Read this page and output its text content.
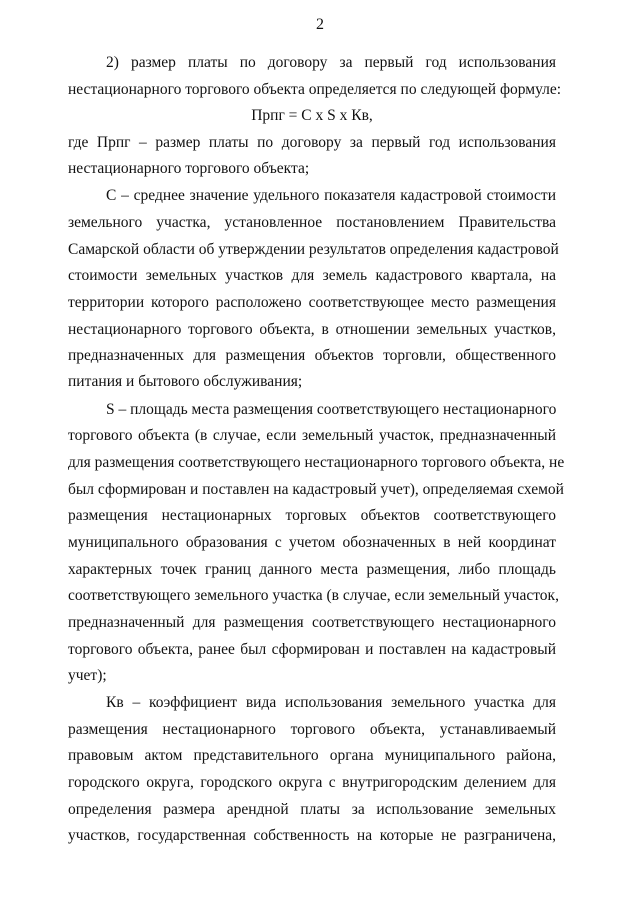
2
2) размер платы по договору за первый год использования
нестационарного торгового объекта определяется по следующей формуле:
Прпг = С х S х Кв,
где Прпг – размер платы по договору за первый год использования
нестационарного торгового объекта;
С – среднее значение удельного показателя кадастровой стоимости
земельного участка, установленное постановлением Правительства
Самарской области об утверждении результатов определения кадастровой
стоимости земельных участков для земель кадастрового квартала, на
территории которого расположено соответствующее место размещения
нестационарного торгового объекта, в отношении земельных участков,
предназначенных для размещения объектов торговли, общественного
питания и бытового обслуживания;
S – площадь места размещения соответствующего нестационарного
торгового объекта (в случае, если земельный участок, предназначенный
для размещения соответствующего нестационарного торгового объекта, не
был сформирован и поставлен на кадастровый учет), определяемая схемой
размещения нестационарных торговых объектов соответствующего
муниципального образования с учетом обозначенных в ней координат
характерных точек границ данного места размещения, либо площадь
соответствующего земельного участка (в случае, если земельный участок,
предназначенный для размещения соответствующего нестационарного
торгового объекта, ранее был сформирован и поставлен на кадастровый
учет);
Кв – коэффициент вида использования земельного участка для
размещения нестационарного торгового объекта, устанавливаемый
правовым актом представительного органа муниципального района,
городского округа, городского округа с внутригородским делением для
определения размера арендной платы за использование земельных
участков, государственная собственность на которые не разграничена,
